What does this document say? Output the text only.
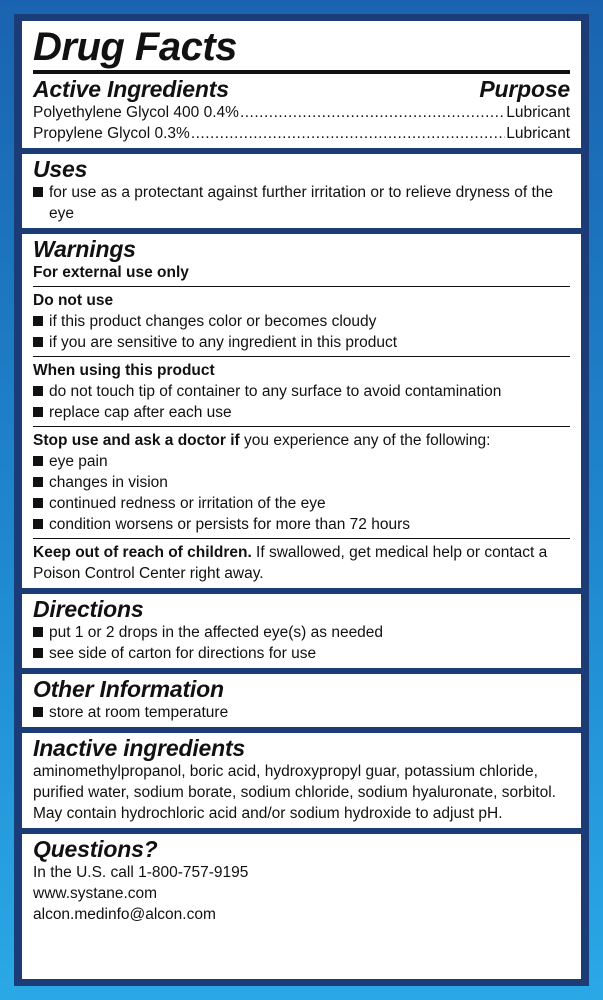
Drug Facts
Active Ingredients	Purpose
Polyethylene Glycol 400 0.4% .....	Lubricant
Propylene Glycol 0.3% .....	Lubricant
Uses
for use as a protectant against further irritation or to relieve dryness of the eye
Warnings
For external use only
Do not use
if this product changes color or becomes cloudy
if you are sensitive to any ingredient in this product
When using this product
do not touch tip of container to any surface to avoid contamination
replace cap after each use
Stop use and ask a doctor if you experience any of the following:
eye pain
changes in vision
continued redness or irritation of the eye
condition worsens or persists for more than 72 hours
Keep out of reach of children. If swallowed, get medical help or contact a Poison Control Center right away.
Directions
put 1 or 2 drops in the affected eye(s) as needed
see side of carton for directions for use
Other Information
store at room temperature
Inactive ingredients
aminomethylpropanol, boric acid, hydroxypropyl guar, potassium chloride, purified water, sodium borate, sodium chloride, sodium hyaluronate, sorbitol. May contain hydrochloric acid and/or sodium hydroxide to adjust pH.
Questions?
In the U.S. call 1-800-757-9195
www.systane.com
alcon.medinfo@alcon.com
